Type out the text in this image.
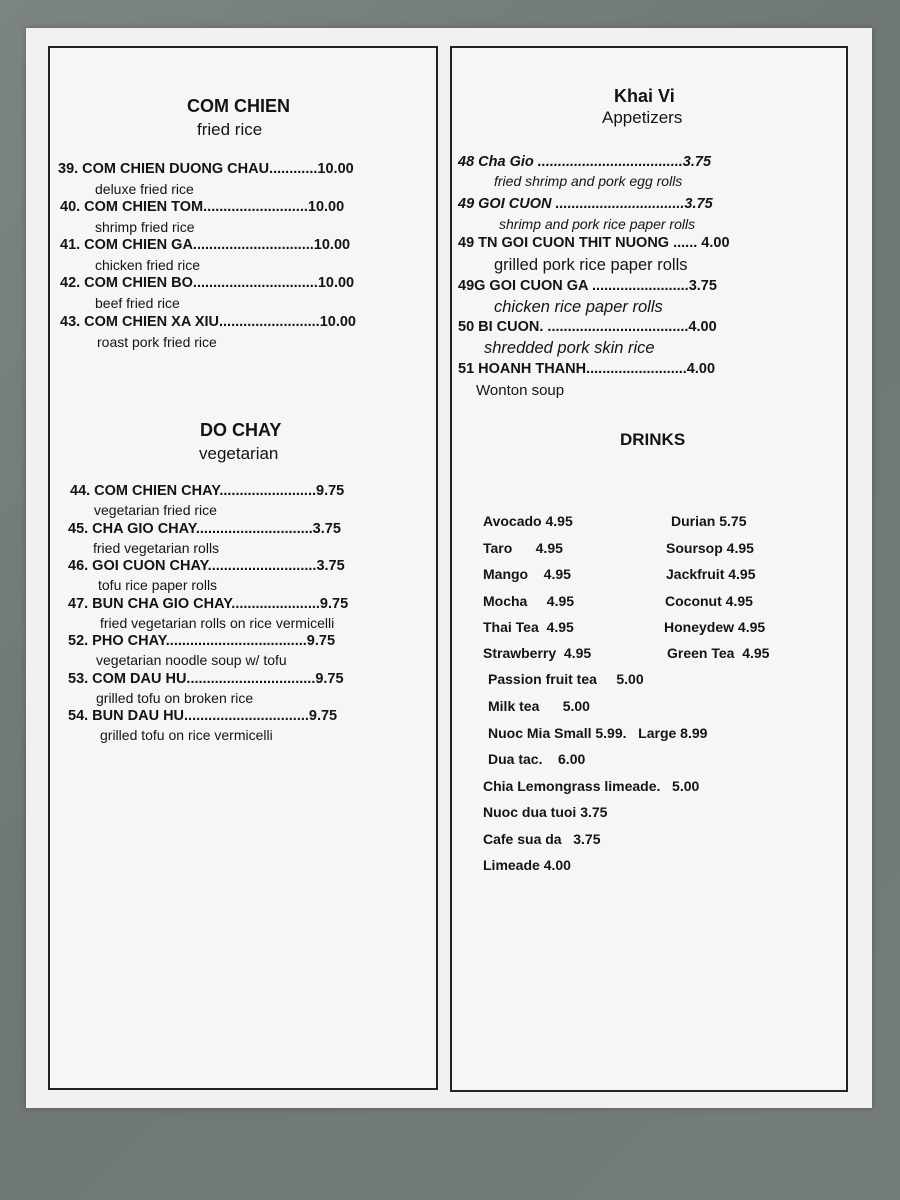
COM CHIEN
fried rice
39. COM CHIEN DUONG CHAU............10.00
deluxe fried rice
40. COM CHIEN TOM..........................10.00
shrimp fried rice
41. COM CHIEN GA..............................10.00
chicken fried rice
42. COM CHIEN BO...............................10.00
beef fried rice
43. COM CHIEN XA XIU.........................10.00
roast pork fried rice
DO CHAY
vegetarian
44. COM CHIEN CHAY........................9.75
vegetarian fried rice
45. CHA GIO CHAY.............................3.75
fried vegetarian rolls
46. GOI CUON CHAY...........................3.75
tofu rice paper rolls
47. BUN CHA GIO CHAY......................9.75
fried vegetarian rolls on rice vermicelli
52. PHO CHAY...................................9.75
vegetarian noodle soup w/ tofu
53. COM DAU HU................................9.75
grilled tofu on broken rice
54. BUN DAU HU...............................9.75
grilled tofu on rice vermicelli
Khai Vi
Appetizers
48 Cha Gio ....................................3.75
fried shrimp and pork egg rolls
49 GOI CUON ................................3.75
shrimp and pork rice paper rolls
49 TN GOI CUON THIT NUONG ...... 4.00
grilled pork rice paper rolls
49G GOI CUON GA ........................3.75
chicken rice paper rolls
50 BI CUON. ...................................4.00
shredded pork skin rice
51 HOANH THANH.........................4.00
Wonton soup
DRINKS
Avocado 4.95
Taro      4.95
Mango    4.95
Mocha     4.95
Thai Tea  4.95
Strawberry  4.95
Durian 5.75
Soursop 4.95
Jackfruit 4.95
Coconut 4.95
Honeydew 4.95
Green Tea  4.95
Passion fruit tea     5.00
Milk tea      5.00
Nuoc Mia Small 5.99.   Large 8.99
Dua tac.    6.00
Chia Lemongrass limeade.   5.00
Nuoc dua tuoi 3.75
Cafe sua da   3.75
Limeade 4.00
